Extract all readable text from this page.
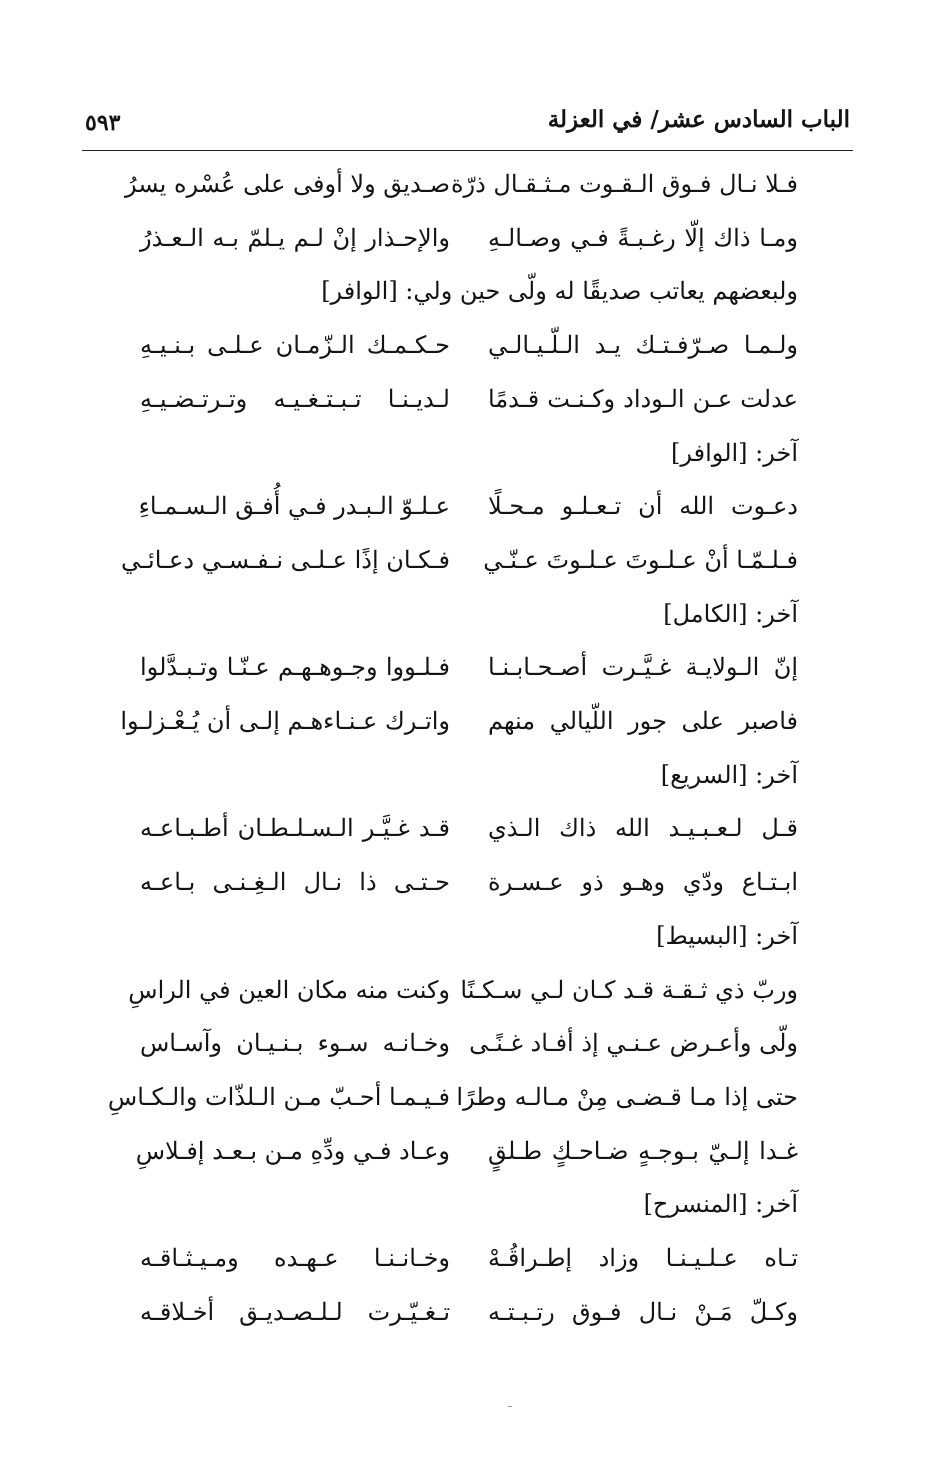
٥٩٣	الباب السادس عشر/ في العزلة
فـلا نـال فـوق الـقـوت مـثـقـال ذرّة
صـديق ولا أوفى على عُسْره يسرُ
ومـا ذاك إلّا رغـبـةً فـي وصـالـهِ
والإحـذار إنْ لـم يـلمّ بـه الـعـذرُ
ولبعضهم يعاتب صديقًا له ولّى حين ولي: [الوافر]
ولـمـا صـرّفـتـك يـد الـلّـيـالـي
حـكـمـك الـزّمـان عـلـى بـنـيـهِ
عدلت عـن الـوداد وكـنـت قـدمًا
لـديـنـا تـبـتـغـيـه وتـرتـضـيـهِ
آخر: [الوافر]
دعـوت الله أن تـعـلـو مـحـلًا
عـلـوّ الـبـدر فـي أُفـق الـسـمـاءِ
فـلـمّـا أنْ عـلـوتَ عـلـوتَ عـنّـي
فـكـان إذًا عـلـى نـفـسـي دعـائـي
آخر: [الكامل]
إنّ الـولايـة غـيَّـرت أصـحـابـنـا
فـلـووا وجـوهـهـم عـنّـا وتـبـدَّلوا
فاصبر على جور اللّيالي منهم
واتـرك عـنـاءهـم إلـى أن يُـعْـزلـوا
آخر: [السريع]
قـل لـعـبـيـد الله ذاك الـذي
قـد غـيَّـر الـسـلـطـان أطـبـاعـه
ابـتـاع ودّي وهـو ذو عـسـرة
حـتـى ذا نـال الـغِـنـى بـاعـه
آخر: [البسيط]
وربّ ذي ثـقـة قـد كـان لـي سـكـنًا
وكنت منه مكان العين في الراسِ
ولّى وأعـرض عـنـي إذ أفـاد غـنًـى
وخـانـه سـوء بـنـيـان وآسـاس
حتى إذا مـا قـضـى مِنْ مـالـه وطرًا
فـيـمـا أحـبّ مـن الـلذّات والـكـاسِ
غـدا إلـيّ بـوجـهٍ ضـاحـكٍ طـلقٍ
وعـاد فـي ودِّهِ مـن بـعـد إفـلاسِ
آخر: [المنسرح]
تـاه عـلـيـنـا وزاد إطـراقُـهْ
وخـانـنـا عـهـده ومـيـثـاقـه
وكـلّ مَـنْ نـال فـوق رتـبـتـه
تـغـيّـرت لـلـصـديـق أخـلاقـه
